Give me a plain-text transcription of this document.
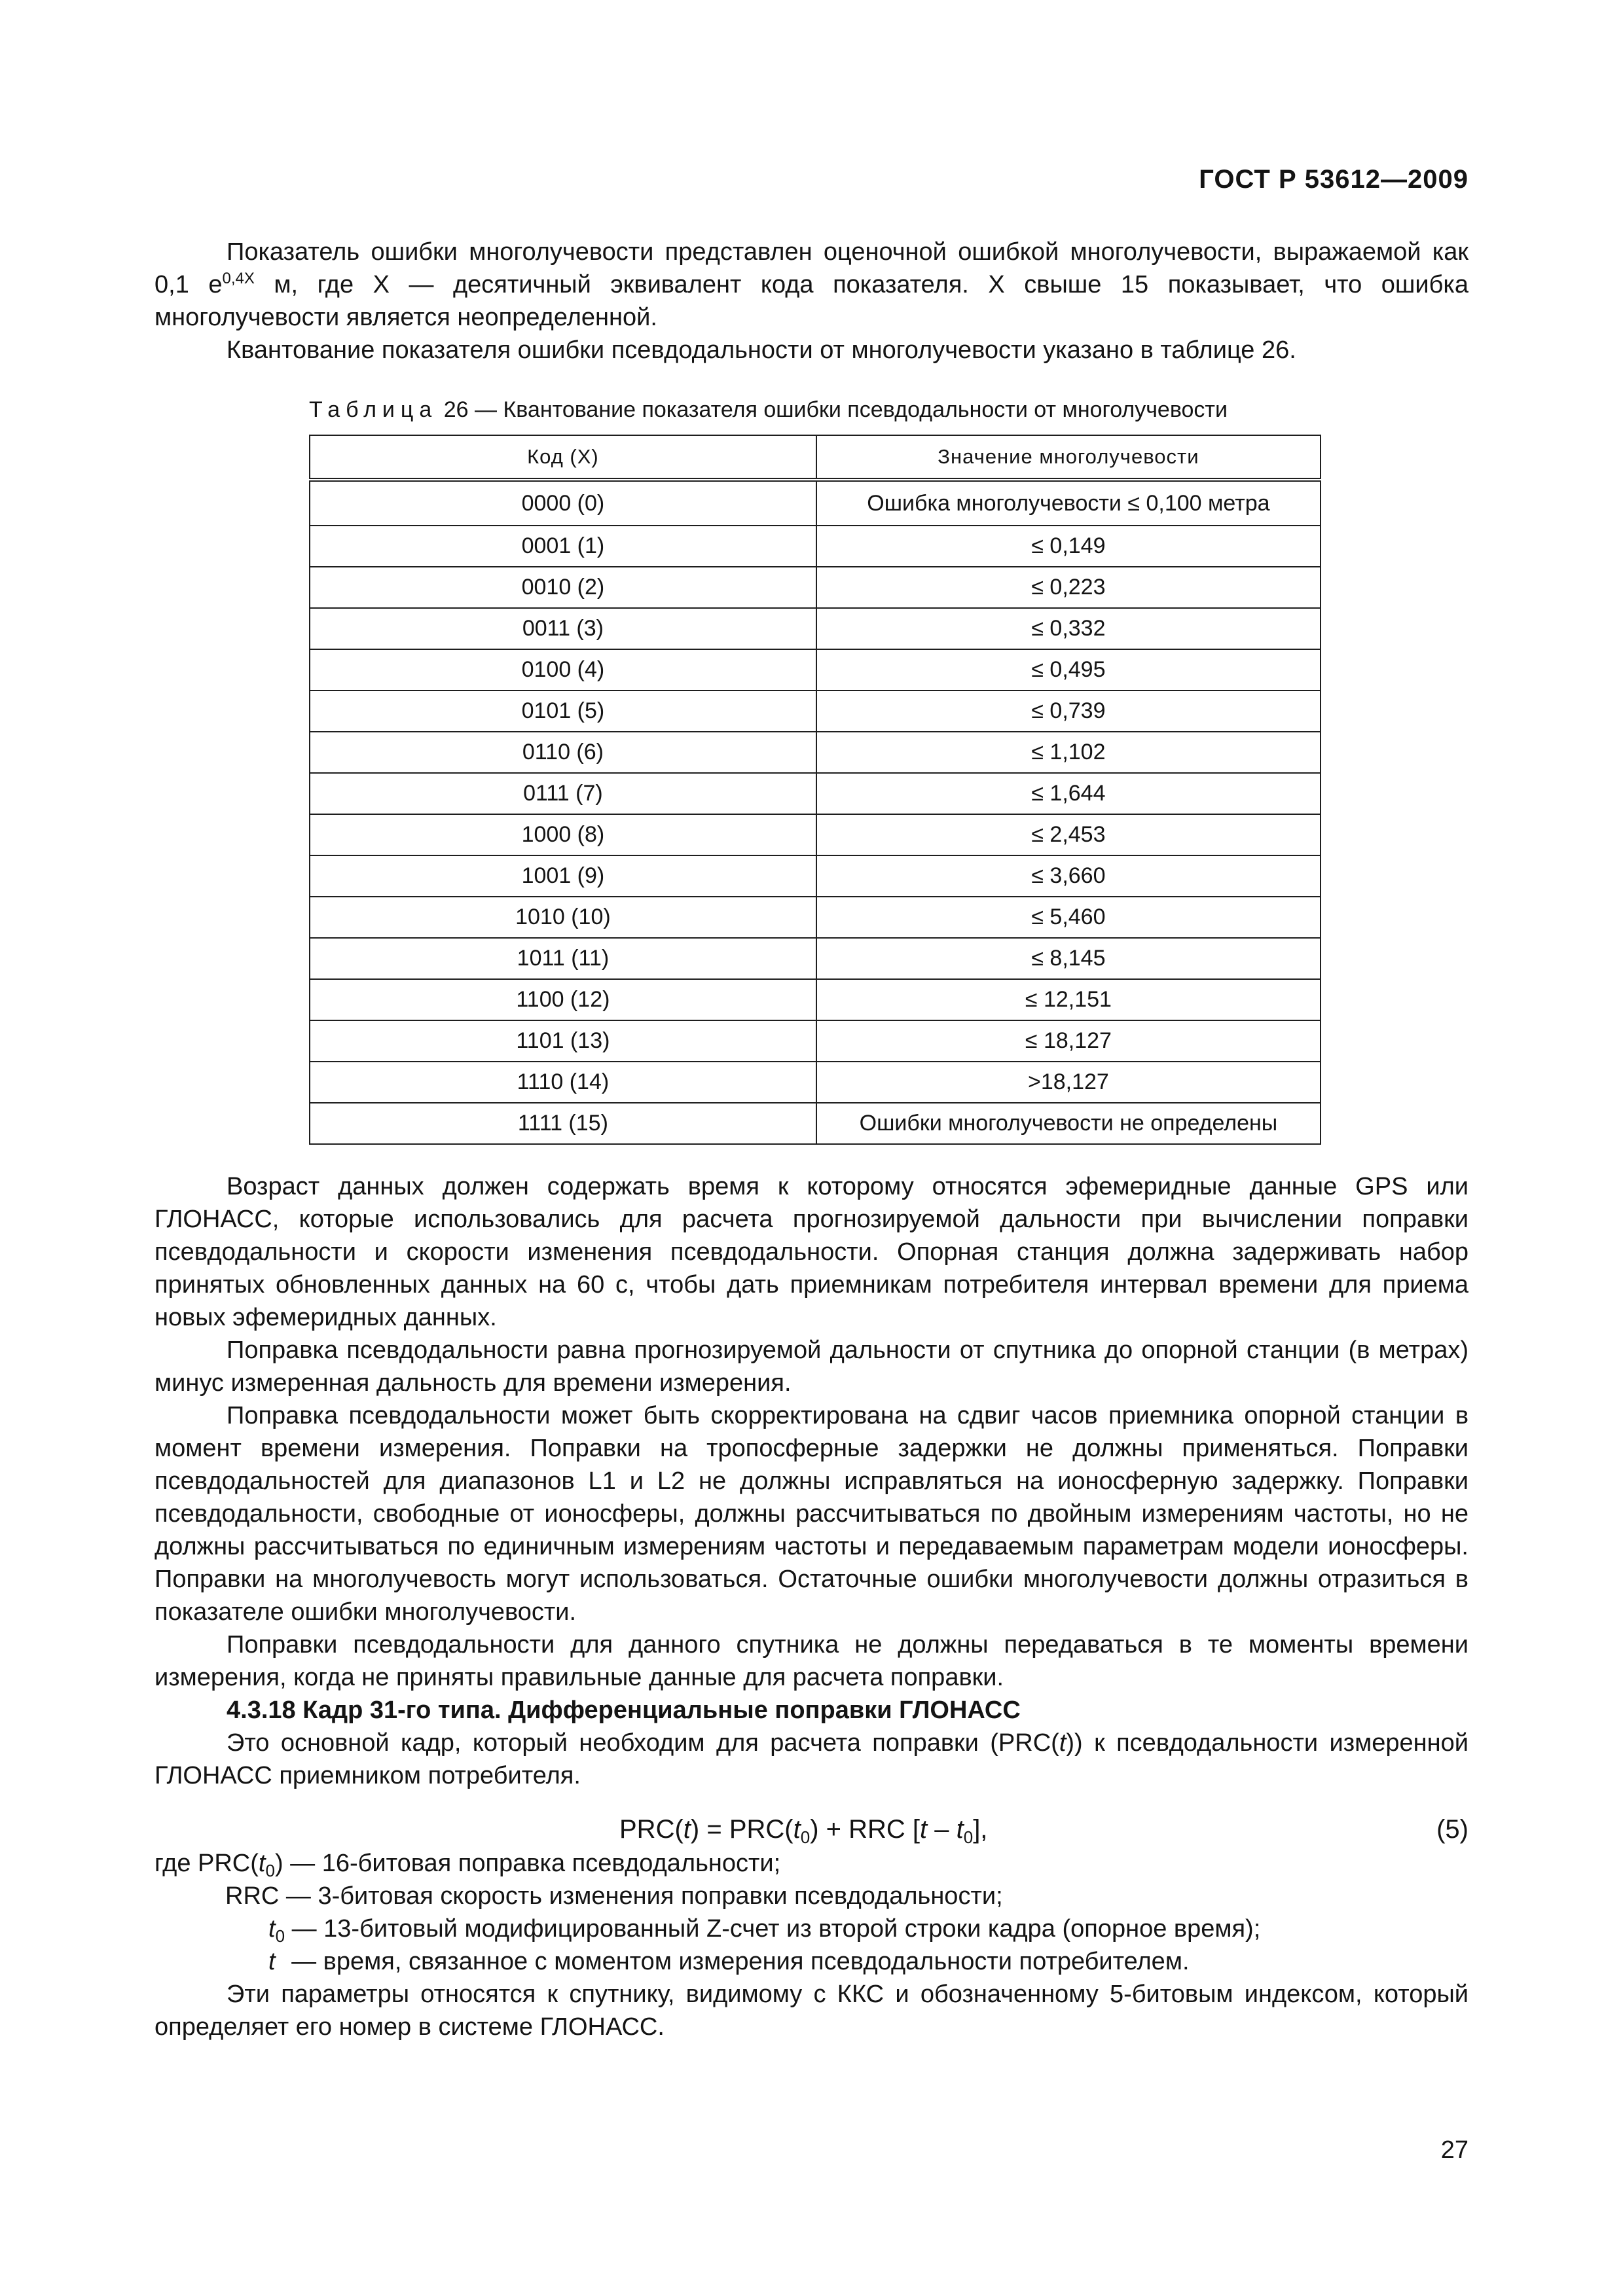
ГОСТ Р 53612—2009

Показатель ошибки многолучевости представлен оценочной ошибкой многолучевости, выражаемой как 0,1 $e^{0,4X}$ м, где X — десятичный эквивалент кода показателя. X свыше 15 показывает, что ошибка многолучевости является неопределенной.

Квантование показателя ошибки псевдодальности от многолучевости указано в таблице 26.

Таблица 26 — Квантование показателя ошибки псевдодальности от многолучевости
Код (X)	Значение многолучевости
0000 (0)	Ошибка многолучевости ≤ 0,100 метра
0001 (1)	≤ 0,149
0010 (2)	≤ 0,223
0011 (3)	≤ 0,332
0100 (4)	≤ 0,495
0101 (5)	≤ 0,739
0110 (6)	≤ 1,102
0111 (7)	≤ 1,644
1000 (8)	≤ 2,453
1001 (9)	≤ 3,660
1010 (10)	≤ 5,460
1011 (11)	≤ 8,145
1100 (12)	≤ 12,151
1101 (13)	≤ 18,127
1110 (14)	>18,127
1111 (15)	Ошибки многолучевости не определены

Возраст данных должен содержать время к которому относятся эфемеридные данные GPS или ГЛОНАСС, которые использовались для расчета прогнозируемой дальности при вычислении поправки псевдодальности и скорости изменения псевдодальности. Опорная станция должна задерживать набор принятых обновленных данных на 60 с, чтобы дать приемникам потребителя интервал времени для приема новых эфемеридных данных.

Поправка псевдодальности равна прогнозируемой дальности от спутника до опорной станции (в метрах) минус измеренная дальность для времени измерения.

Поправка псевдодальности может быть скорректирована на сдвиг часов приемника опорной станции в момент времени измерения. Поправки на тропосферные задержки не должны применяться. Поправки псевдодальностей для диапазонов L1 и L2 не должны исправляться на ионосферную задержку. Поправки псевдодальности, свободные от ионосферы, должны рассчитываться по двойным измерениям частоты, но не должны рассчитываться по единичным измерениям частоты и передаваемым параметрам модели ионосферы. Поправки на многолучевость могут использоваться. Остаточные ошибки многолучевости должны отразиться в показателе ошибки многолучевости.

Поправки псевдодальности для данного спутника не должны передаваться в те моменты времени измерения, когда не приняты правильные данные для расчета поправки.

4.3.18 Кадр 31-го типа. Дифференциальные поправки ГЛОНАСС

Это основной кадр, который необходим для расчета поправки (PRC(t)) к псевдодальности измеренной ГЛОНАСС приемником потребителя.

$PRC(t) = PRC(t_0)$ + RRC $[t - t_0]$,	(5)
где $PRC(t_0)$ — 16-битовая поправка псевдодальности;
RRC — 3-битовая скорость изменения поправки псевдодальности;
$t_0$ — 13-битовый модифицированный Z-счет из второй строки кадра (опорное время);
t — время, связанное с моментом измерения псевдодальности потребителем.

Эти параметры относятся к спутнику, видимому с ККС и обозначенному 5-битовым индексом, который определяет его номер в системе ГЛОНАСС.

27
